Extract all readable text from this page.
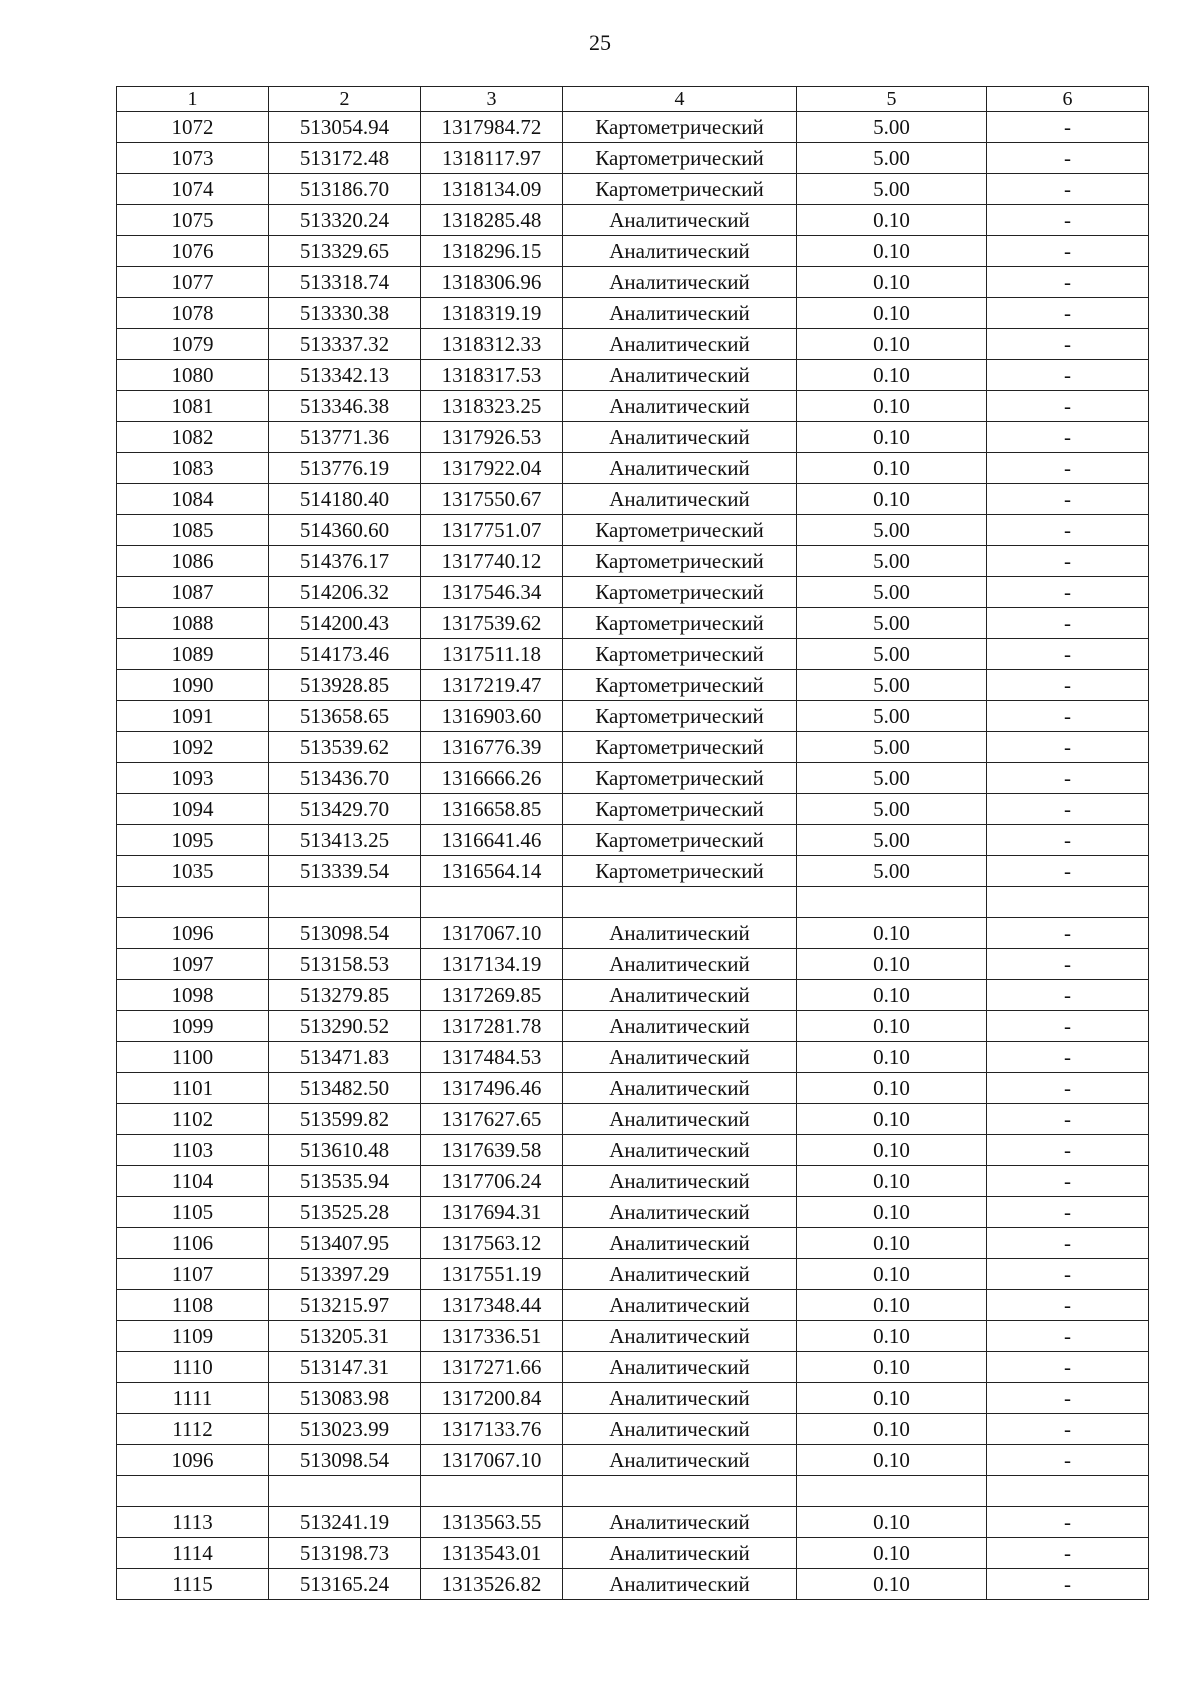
25
1	2	3	4	5	6
1072	513054.94	1317984.72	Картометрический	5.00	-
1073	513172.48	1318117.97	Картометрический	5.00	-
1074	513186.70	1318134.09	Картометрический	5.00	-
1075	513320.24	1318285.48	Аналитический	0.10	-
1076	513329.65	1318296.15	Аналитический	0.10	-
1077	513318.74	1318306.96	Аналитический	0.10	-
1078	513330.38	1318319.19	Аналитический	0.10	-
1079	513337.32	1318312.33	Аналитический	0.10	-
1080	513342.13	1318317.53	Аналитический	0.10	-
1081	513346.38	1318323.25	Аналитический	0.10	-
1082	513771.36	1317926.53	Аналитический	0.10	-
1083	513776.19	1317922.04	Аналитический	0.10	-
1084	514180.40	1317550.67	Аналитический	0.10	-
1085	514360.60	1317751.07	Картометрический	5.00	-
1086	514376.17	1317740.12	Картометрический	5.00	-
1087	514206.32	1317546.34	Картометрический	5.00	-
1088	514200.43	1317539.62	Картометрический	5.00	-
1089	514173.46	1317511.18	Картометрический	5.00	-
1090	513928.85	1317219.47	Картометрический	5.00	-
1091	513658.65	1316903.60	Картометрический	5.00	-
1092	513539.62	1316776.39	Картометрический	5.00	-
1093	513436.70	1316666.26	Картометрический	5.00	-
1094	513429.70	1316658.85	Картометрический	5.00	-
1095	513413.25	1316641.46	Картометрический	5.00	-
1035	513339.54	1316564.14	Картометрический	5.00	-

1096	513098.54	1317067.10	Аналитический	0.10	-
1097	513158.53	1317134.19	Аналитический	0.10	-
1098	513279.85	1317269.85	Аналитический	0.10	-
1099	513290.52	1317281.78	Аналитический	0.10	-
1100	513471.83	1317484.53	Аналитический	0.10	-
1101	513482.50	1317496.46	Аналитический	0.10	-
1102	513599.82	1317627.65	Аналитический	0.10	-
1103	513610.48	1317639.58	Аналитический	0.10	-
1104	513535.94	1317706.24	Аналитический	0.10	-
1105	513525.28	1317694.31	Аналитический	0.10	-
1106	513407.95	1317563.12	Аналитический	0.10	-
1107	513397.29	1317551.19	Аналитический	0.10	-
1108	513215.97	1317348.44	Аналитический	0.10	-
1109	513205.31	1317336.51	Аналитический	0.10	-
1110	513147.31	1317271.66	Аналитический	0.10	-
1111	513083.98	1317200.84	Аналитический	0.10	-
1112	513023.99	1317133.76	Аналитический	0.10	-
1096	513098.54	1317067.10	Аналитический	0.10	-

1113	513241.19	1313563.55	Аналитический	0.10	-
1114	513198.73	1313543.01	Аналитический	0.10	-
1115	513165.24	1313526.82	Аналитический	0.10	-
